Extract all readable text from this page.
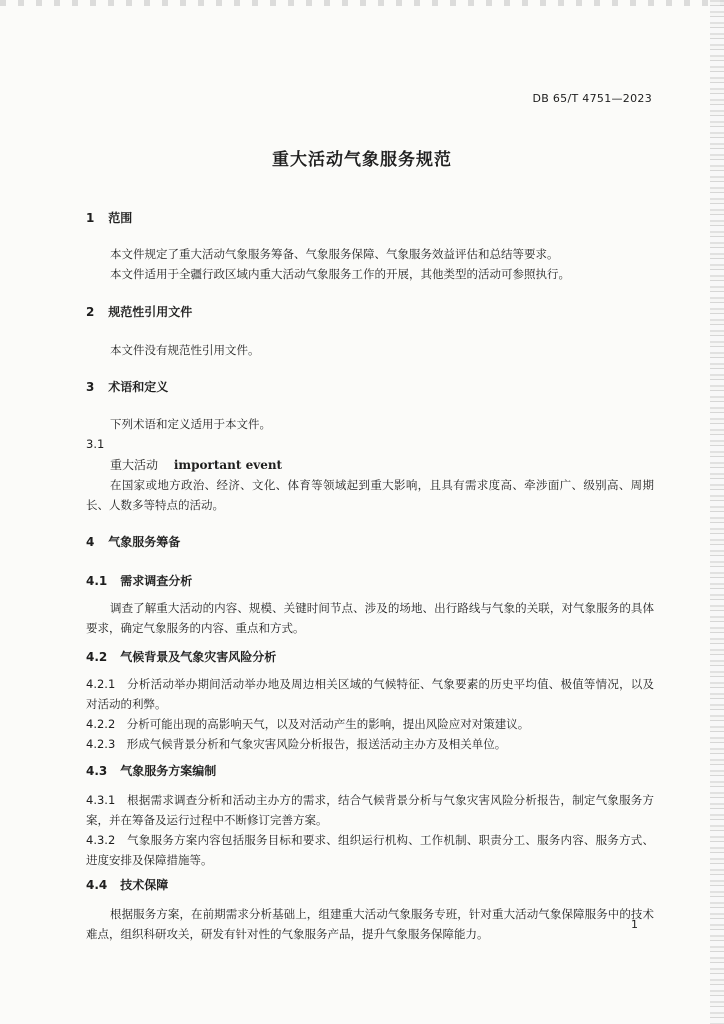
DB 65/T 4751—2023
重大活动气象服务规范
1 范围
本文件规定了重大活动气象服务筹备、气象服务保障、气象服务效益评估和总结等要求。
本文件适用于全疆行政区域内重大活动气象服务工作的开展，其他类型的活动可参照执行。
2 规范性引用文件
本文件没有规范性引用文件。
3 术语和定义
下列术语和定义适用于本文件。
3.1
重大活动 important event
在国家或地方政治、经济、文化、体育等领域起到重大影响，且具有需求度高、牵涉面广、级别高、周期长、人数多等特点的活动。
4 气象服务筹备
4.1 需求调查分析
调查了解重大活动的内容、规模、关键时间节点、涉及的场地、出行路线与气象的关联，对气象服务的具体要求，确定气象服务的内容、重点和方式。
4.2 气候背景及气象灾害风险分析
4.2.1　分析活动举办期间活动举办地及周边相关区域的气候特征、气象要素的历史平均值、极值等情况，以及对活动的利弊。
4.2.2　分析可能出现的高影响天气，以及对活动产生的影响，提出风险应对对策建议。
4.2.3　形成气候背景分析和气象灾害风险分析报告，报送活动主办方及相关单位。
4.3 气象服务方案编制
4.3.1　根据需求调查分析和活动主办方的需求，结合气候背景分析与气象灾害风险分析报告，制定气象服务方案，并在筹备及运行过程中不断修订完善方案。
4.3.2　气象服务方案内容包括服务目标和要求、组织运行机构、工作机制、职责分工、服务内容、服务方式、进度安排及保障措施等。
4.4 技术保障
根据服务方案，在前期需求分析基础上，组建重大活动气象服务专班，针对重大活动气象保障服务中的技术难点，组织科研攻关，研发有针对性的气象服务产品，提升气象服务保障能力。
1
